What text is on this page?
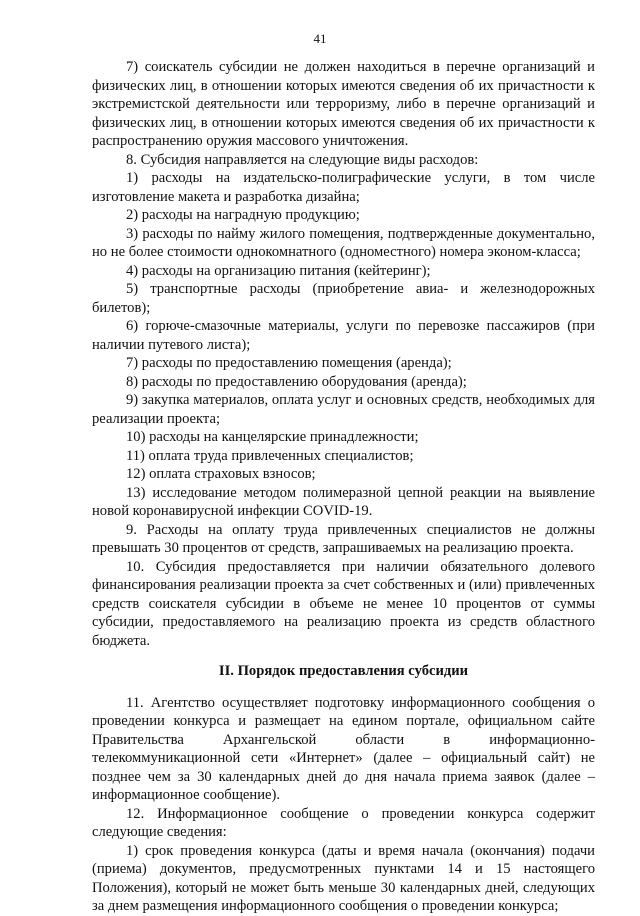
41

7) соискатель субсидии не должен находиться в перечне организаций и физических лиц, в отношении которых имеются сведения об их причастности к экстремистской деятельности или терроризму, либо в перечне организаций и физических лиц, в отношении которых имеются сведения об их причастности к распространению оружия массового уничтожения.

8. Субсидия направляется на следующие виды расходов:

1) расходы на издательско-полиграфические услуги, в том числе изготовление макета и разработка дизайна;

2) расходы на наградную продукцию;

3) расходы по найму жилого помещения, подтвержденные документально, но не более стоимости однокомнатного (одноместного) номера эконом-класса;

4) расходы на организацию питания (кейтеринг);

5) транспортные расходы (приобретение авиа- и железнодорожных билетов);

6) горюче-смазочные материалы, услуги по перевозке пассажиров (при наличии путевого листа);

7) расходы по предоставлению помещения (аренда);

8) расходы по предоставлению оборудования (аренда);

9) закупка материалов, оплата услуг и основных средств, необходимых для реализации проекта;

10) расходы на канцелярские принадлежности;

11) оплата труда привлеченных специалистов;

12) оплата страховых взносов;

13) исследование методом полимеразной цепной реакции на выявление новой коронавирусной инфекции COVID-19.

9. Расходы на оплату труда привлеченных специалистов не должны превышать 30 процентов от средств, запрашиваемых на реализацию проекта.

10. Субсидия предоставляется при наличии обязательного долевого финансирования реализации проекта за счет собственных и (или) привлеченных средств соискателя субсидии в объеме не менее 10 процентов от суммы субсидии, предоставляемого на реализацию проекта из средств областного бюджета.

II. Порядок предоставления субсидии

11. Агентство осуществляет подготовку информационного сообщения о проведении конкурса и размещает на едином портале, официальном сайте Правительства Архангельской области в информационно-телекоммуникационной сети «Интернет» (далее – официальный сайт) не позднее чем за 30 календарных дней до дня начала приема заявок (далее – информационное сообщение).

12. Информационное сообщение о проведении конкурса содержит следующие сведения:

1) срок проведения конкурса (даты и время начала (окончания) подачи (приема) документов, предусмотренных пунктами 14 и 15 настоящего Положения), который не может быть меньше 30 календарных дней, следующих за днем размещения информационного сообщения о проведении конкурса;
